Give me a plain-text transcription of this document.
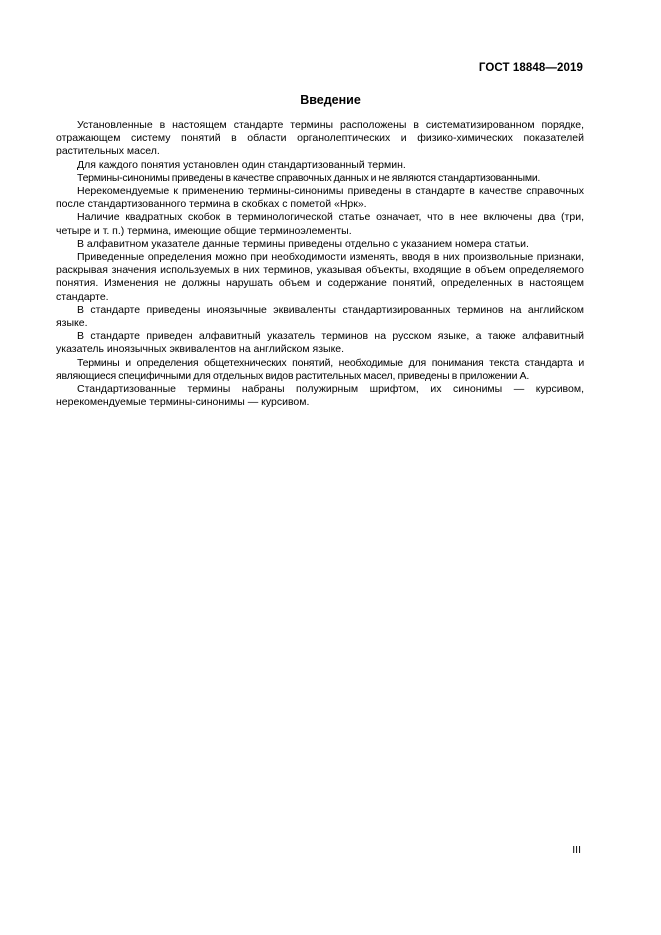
ГОСТ 18848—2019
Введение

Установленные в настоящем стандарте термины расположены в систематизированном порядке, отражающем систему понятий в области органолептических и физико-химических показателей растительных масел.

Для каждого понятия установлен один стандартизованный термин.

Термины-синонимы приведены в качестве справочных данных и не являются стандартизованными.

Нерекомендуемые к применению термины-синонимы приведены в стандарте в качестве справочных после стандартизованного термина в скобках с пометой «Нрк».

Наличие квадратных скобок в терминологической статье означает, что в нее включены два (три, четыре и т. п.) термина, имеющие общие терминоэлементы.

В алфавитном указателе данные термины приведены отдельно с указанием номера статьи.

Приведенные определения можно при необходимости изменять, вводя в них произвольные признаки, раскрывая значения используемых в них терминов, указывая объекты, входящие в объем определяемого понятия. Изменения не должны нарушать объем и содержание понятий, определенных в настоящем стандарте.

В стандарте приведены иноязычные эквиваленты стандартизированных терминов на английском языке.

В стандарте приведен алфавитный указатель терминов на русском языке, а также алфавитный указатель иноязычных эквивалентов на английском языке.

Термины и определения общетехнических понятий, необходимые для понимания текста стандарта и являющиеся специфичными для отдельных видов растительных масел, приведены в приложении А.

Стандартизованные термины набраны полужирным шрифтом, их синонимы — курсивом, нерекомендуемые термины-синонимы — курсивом.

III
